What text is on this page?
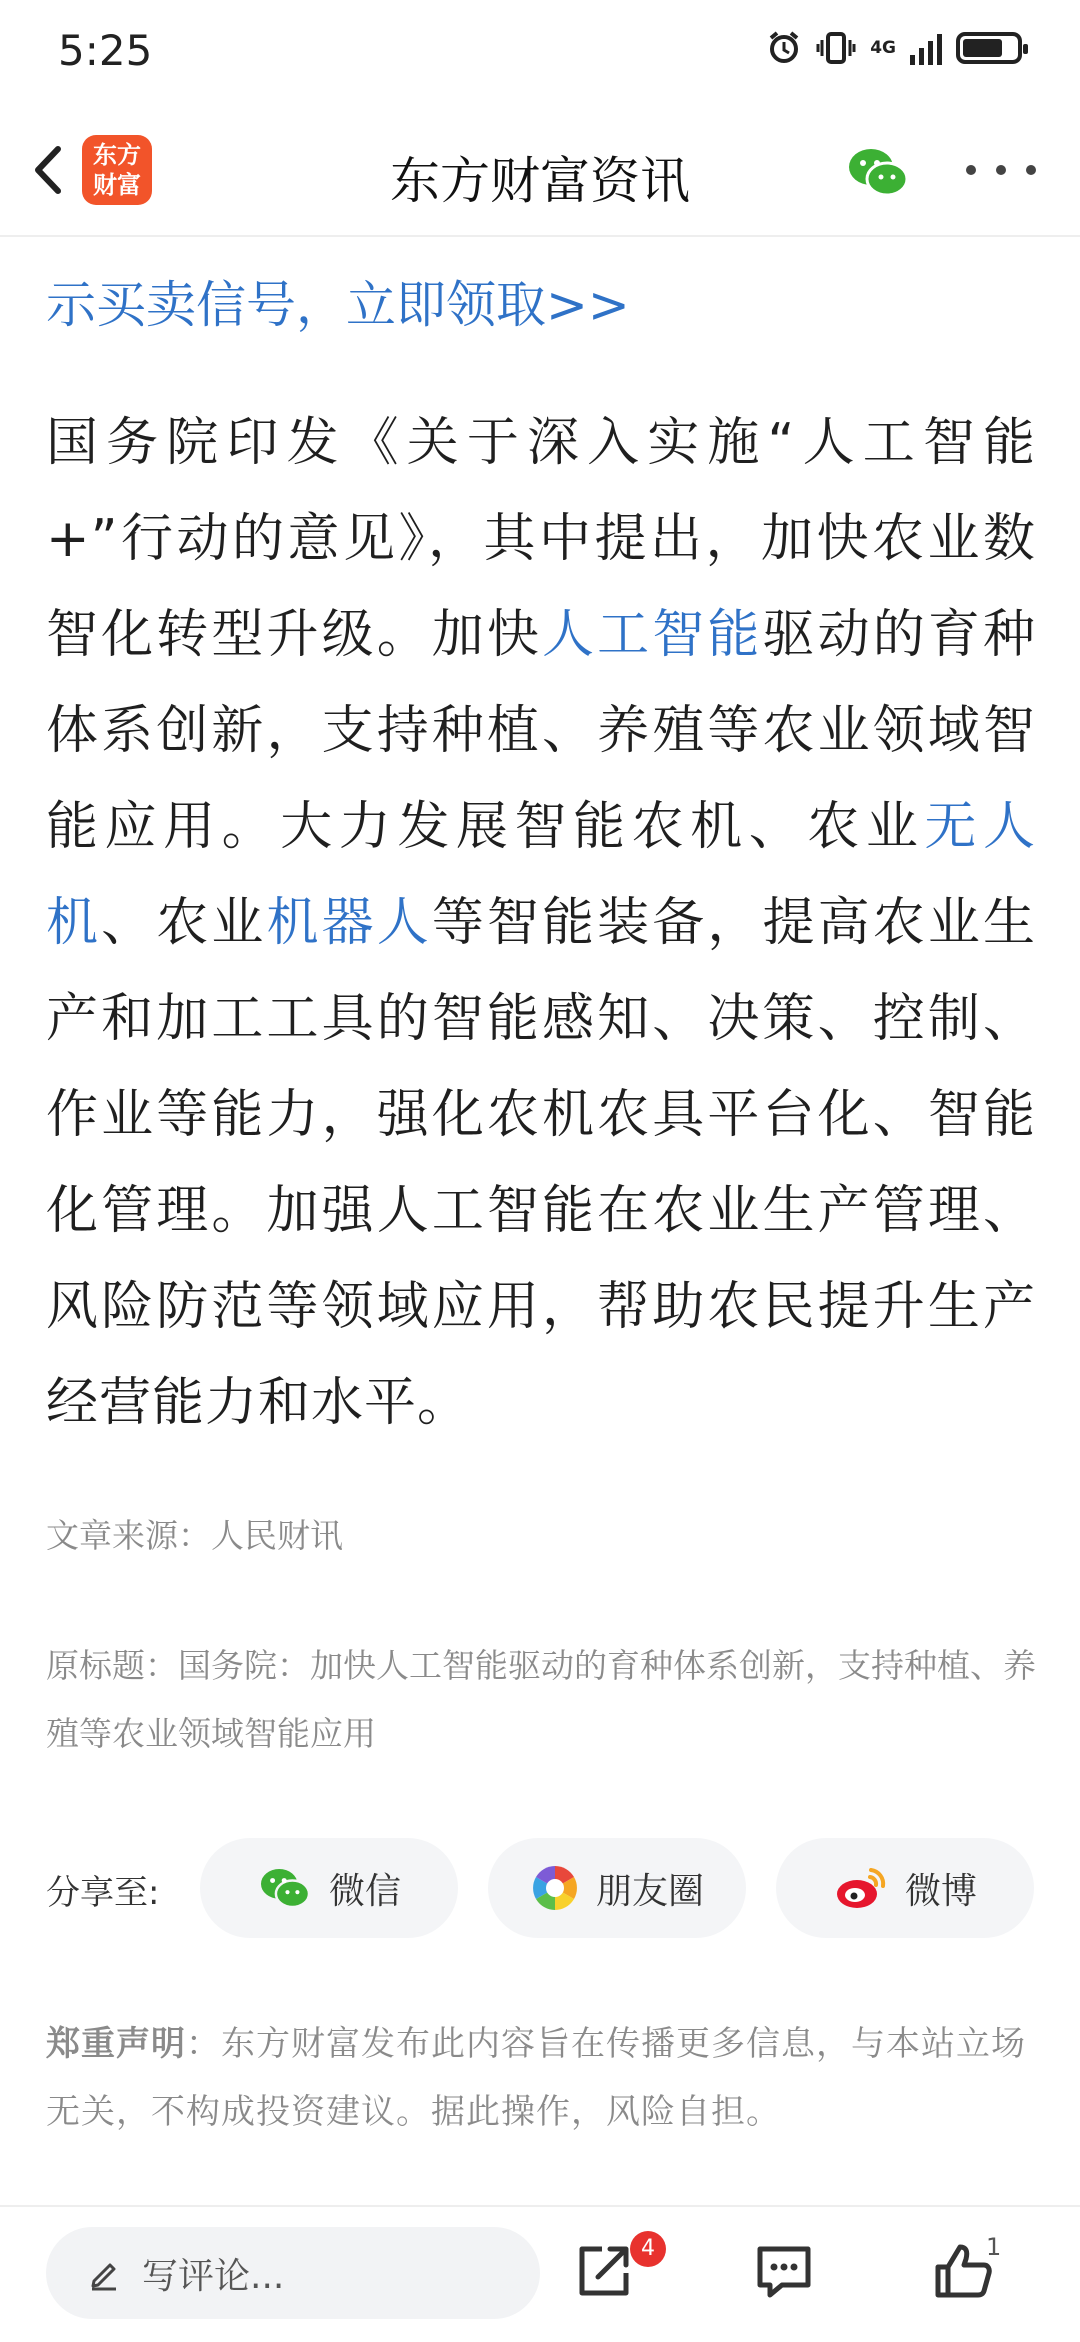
5:25	4G
东方
财富	东方财富资讯
示买卖信号，立即领取>>
国务院印发《关于深入实施“人工智能+”行动的意见》，其中提出，加快农业数智化转型升级。加快人工智能驱动的育种体系创新，支持种植、养殖等农业领域智能应用。大力发展智能农机、农业无人机、农业机器人等智能装备，提高农业生产和加工工具的智能感知、决策、控制、作业等能力，强化农机农具平台化、智能化管理。加强人工智能在农业生产管理、风险防范等领域应用，帮助农民提升生产经营能力和水平。
文章来源：人民财讯
原标题：国务院：加快人工智能驱动的育种体系创新，支持种植、养殖等农业领域智能应用
分享至:	微信	朋友圈	微博
郑重声明：东方财富发布此内容旨在传播更多信息，与本站立场无关，不构成投资建议。据此操作，风险自担。
写评论...
4	1
